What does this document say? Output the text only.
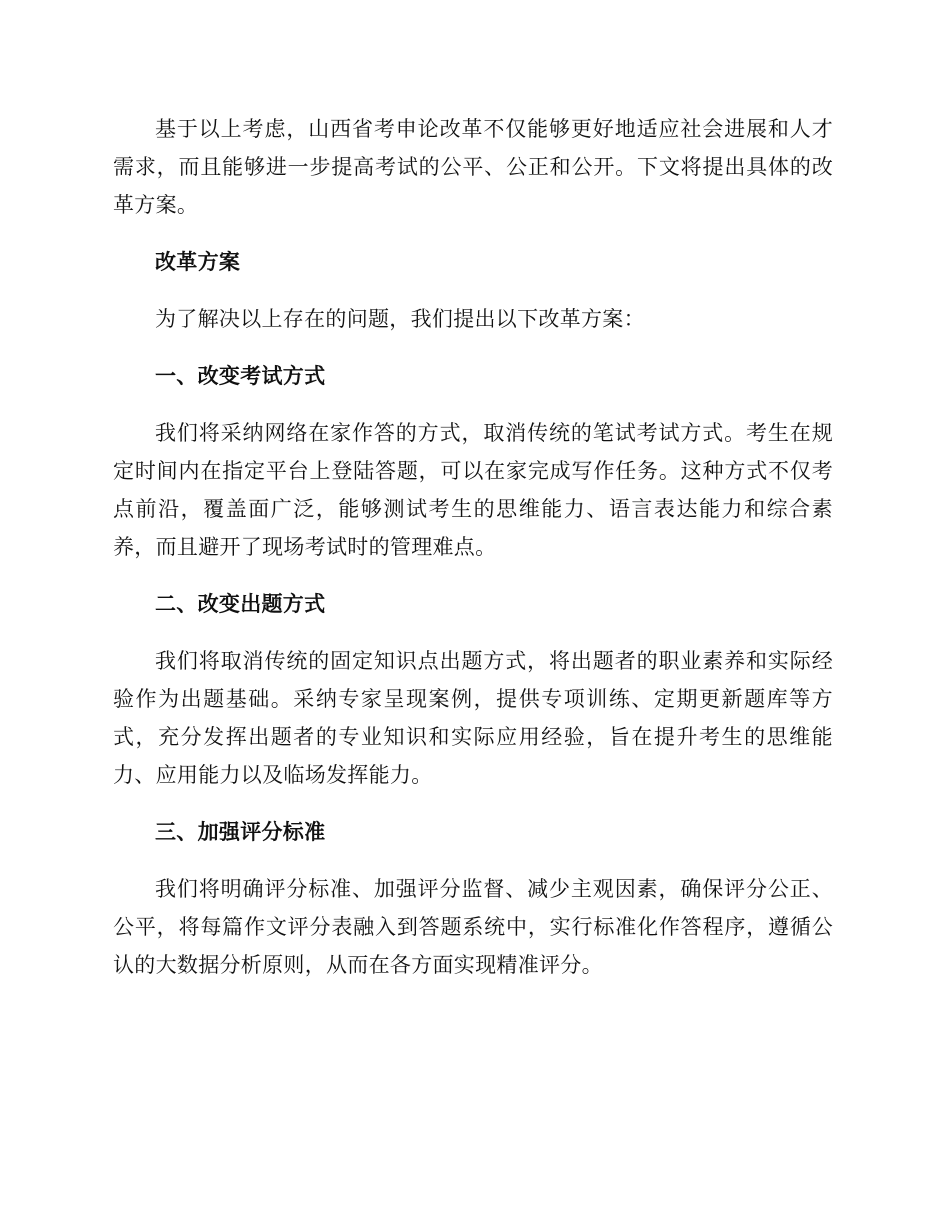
基于以上考虑，山西省考申论改革不仅能够更好地适应社会进展和人才需求，而且能够进一步提高考试的公平、公正和公开。下文将提出具体的改革方案。

改革方案

为了解决以上存在的问题，我们提出以下改革方案：

一、改变考试方式

我们将采纳网络在家作答的方式，取消传统的笔试考试方式。考生在规定时间内在指定平台上登陆答题，可以在家完成写作任务。这种方式不仅考点前沿，覆盖面广泛，能够测试考生的思维能力、语言表达能力和综合素养，而且避开了现场考试时的管理难点。

二、改变出题方式

我们将取消传统的固定知识点出题方式，将出题者的职业素养和实际经验作为出题基础。采纳专家呈现案例，提供专项训练、定期更新题库等方式，充分发挥出题者的专业知识和实际应用经验，旨在提升考生的思维能力、应用能力以及临场发挥能力。

三、加强评分标准

我们将明确评分标准、加强评分监督、减少主观因素，确保评分公正、公平，将每篇作文评分表融入到答题系统中，实行标准化作答程序，遵循公认的大数据分析原则，从而在各方面实现精准评分。
